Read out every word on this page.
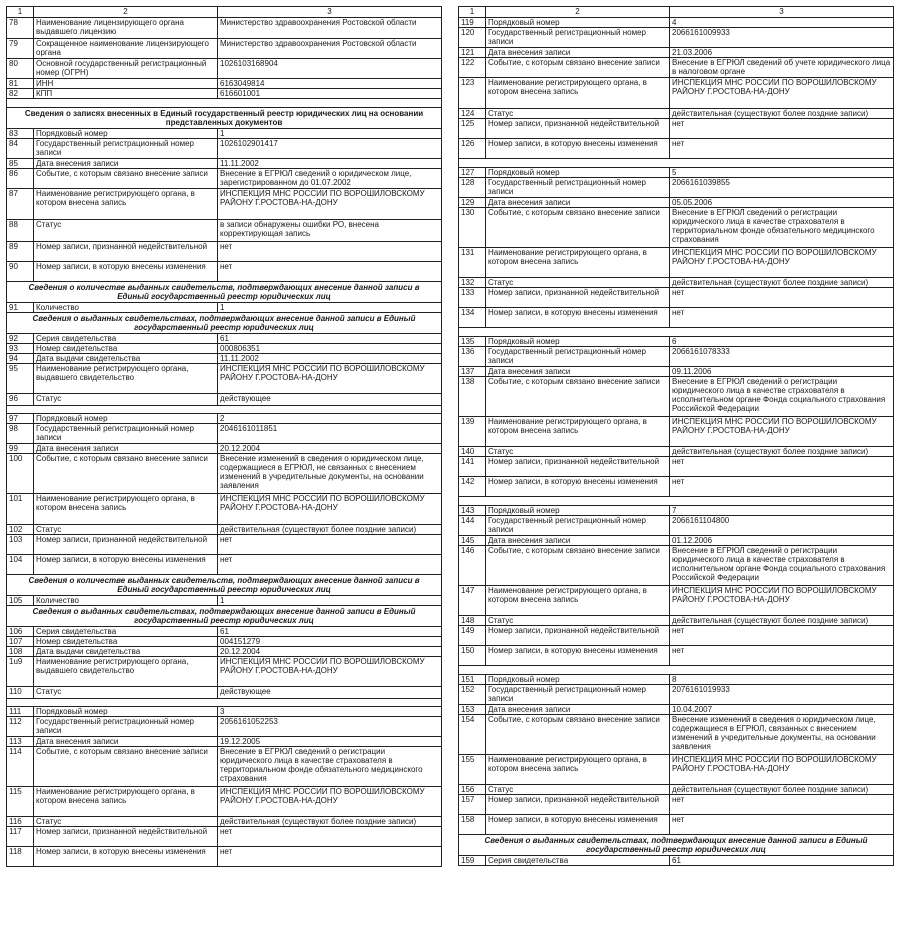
1	2	3
78	Наименование лицензирующего органа выдавшего лицензию	Министерство здравоохранения Ростовской области
79	Сокращенное наименование лицензирующего органа	Министерство здравоохранения Ростовской области
80	Основной государственный регистрационный номер (ОГРН)	1026103168904
81	ИНН	6163049814
82	КПП	616601001

Сведения о записях внесенных в Единый государственный реестр юридических лиц на основании представленных документов		
83	Порядковый номер	1
84	Государственный регистрационный номер записи	1026102901417
85	Дата внесения записи	11.11.2002
86	Событие, с которым связано внесение записи	Внесение в ЕГРЮЛ сведений о юридическом лице, зарегистрированном до 01.07.2002
87	Наименование регистрирующего органа, в котором внесена запись	ИНСПЕКЦИЯ МНС РОССИИ ПО ВОРОШИЛОВСКОМУ РАЙОНУ Г.РОСТОВА-НА-ДОНУ
88	Статус	в записи обнаружены ошибки РО, внесена корректирующая запись
89	Номер записи, признанной недействительной	нет
90	Номер записи, в которую внесены изменения	нет
Сведения о количестве выданных свидетельств, подтверждающих внесение данной записи в Единый государственный реестр юридических лиц		
91	Количество	1
Сведения о выданных свидетельствах, подтверждающих внесение данной записи в Единый государственный реестр юридических лиц		
92	Серия свидетельства	61
93	Номер свидетельства	000806351
94	Дата выдачи свидетельства	11.11.2002
95	Наименование регистрирующего органа, выдавшего свидетельство	ИНСПЕКЦИЯ МНС РОССИИ ПО ВОРОШИЛОВСКОМУ РАЙОНУ Г.РОСТОВА-НА-ДОНУ
96	Статус	действующее

97	Порядковый номер	2
98	Государственный регистрационный номер записи	2046161011851
99	Дата внесения записи	20.12.2004
100	Событие, с которым связано внесение записи	Внесение изменений в сведения о юридическом лице, содержащиеся в ЕГРЮЛ, не связанных с внесением изменений в учредительные документы, на основании заявления
101	Наименование регистрирующего органа, в котором внесена запись	ИНСПЕКЦИЯ МНС РОССИИ ПО ВОРОШИЛОВСКОМУ РАЙОНУ Г.РОСТОВА-НА-ДОНУ
102	Статус	действительная (существуют более поздние записи)
103	Номер записи, признанной недействительной	нет
104	Номер записи, в которую внесены изменения	нет
Сведения о количестве выданных свидетельств, подтверждающих внесение данной записи в Единый государственный реестр юридических лиц		
105	Количество	1
Сведения о выданных свидетельствах, подтверждающих внесение данной записи в Единый государственный реестр юридических лиц		
106	Серия свидетельства	61
107	Номер свидетельства	004151279
108	Дата выдачи свидетельства	20.12.2004
1u9	Наименование регистрирующего органа, выдавшего свидетельство	ИНСПЕКЦИЯ МНС РОССИИ ПО ВОРОШИЛОВСКОМУ РАЙОНУ Г.РОСТОВА-НА-ДОНУ
110	Статус	действующее

111	Порядковый номер	3
112	Государственный регистрационный номер записи	2056161052253
113	Дата внесения записи	19.12.2005
114	Событие, с которым связано внесение записи	Внесение в ЕГРЮЛ сведений о регистрации юридического лица в качестве страхователя в территориальном фонде обязательного медицинского страхования
115	Наименование регистрирующего органа, в котором внесена запись	ИНСПЕКЦИЯ МНС РОССИИ ПО ВОРОШИЛОВСКОМУ РАЙОНУ Г.РОСТОВА-НА-ДОНУ
116	Статус	действительная (существуют более поздние записи)
117	Номер записи, признанной недействительной	нет
118	Номер записи, в которую внесены изменения	нет
1	2	3
119	Порядковый номер	4
120	Государственный регистрационный номер записи	2066161009933
121	Дата внесения записи	21.03.2006
122	Событие, с которым связано внесение записи	Внесение в ЕГРЮЛ сведений об учете юридического лица в налоговом органе
123	Наименование регистрирующего органа, в котором внесена запись	ИНСПЕКЦИЯ МНС РОССИИ ПО ВОРОШИЛОВСКОМУ РАЙОНУ Г.РОСТОВА-НА-ДОНУ
124	Статус	действительная (существуют более поздние записи)
125	Номер записи, признанной недействительной	нет
126	Номер записи, в которую внесены изменения	нет

127	Порядковый номер	5
128	Государственный регистрационный номер записи	2066161039855
129	Дата внесения записи	05.05.2006
130	Событие, с которым связано внесение записи	Внесение в ЕГРЮЛ сведений о регистрации юридического лица в качестве страхователя в территориальном фонде обязательного медицинского страхования
131	Наименование регистрирующего органа, в котором внесена запись	ИНСПЕКЦИЯ МНС РОССИИ ПО ВОРОШИЛОВСКОМУ РАЙОНУ Г.РОСТОВА-НА-ДОНУ
132	Статус	действительная (существуют более поздние записи)
133	Номер записи, признанной недействительной	нет
134	Номер записи, в которую внесены изменения	нет

135	Порядковый номер	6
136	Государственный регистрационный номер записи	2066161078333
137	Дата внесения записи	09.11.2006
138	Событие, с которым связано внесение записи	Внесение в ЕГРЮЛ сведений о регистрации юридического лица в качестве страхователя в исполнительном органе Фонда социального страхования Российской Федерации
139	Наименование регистрирующего органа, в котором внесена запись	ИНСПЕКЦИЯ МНС РОССИИ ПО ВОРОШИЛОВСКОМУ РАЙОНУ Г.РОСТОВА-НА-ДОНУ
140	Статус	действительная (существуют более поздние записи)
141	Номер записи, признанной недействительной	нет
142	Номер записи, в которую внесены изменения	нет

143	Порядковый номер	7
144	Государственный регистрационный номер записи	2066161104800
145	Дата внесения записи	01.12.2006
146	Событие, с которым связано внесение записи	Внесение в ЕГРЮЛ сведений о регистрации юридического лица в качестве страхователя в исполнительном органе Фонда социального страхования Российской Федерации
147	Наименование регистрирующего органа, в котором внесена запись	ИНСПЕКЦИЯ МНС РОССИИ ПО ВОРОШИЛОВСКОМУ РАЙОНУ Г.РОСТОВА-НА-ДОНУ
148	Статус	действительная (существуют более поздние записи)
149	Номер записи, признанной недействительной	нет
150	Номер записи, в которую внесены изменения	нет

151	Порядковый номер	8
152	Государственный регистрационный номер записи	2076161019933
153	Дата внесения записи	10.04.2007
154	Событие, с которым связано внесение записи	Внесение изменений в сведения о юридическом лице, содержащиеся в ЕГРЮЛ, связанных с внесением изменений в учредительные документы, на основании заявления
155	Наименование регистрирующего органа, в котором внесена запись	ИНСПЕКЦИЯ МНС РОССИИ ПО ВОРОШИЛОВСКОМУ РАЙОНУ Г.РОСТОВА-НА-ДОНУ
156	Статус	действительная (существуют более поздние записи)
157	Номер записи, признанной недействительной	нет
158	Номер записи, в которую внесены изменения	нет
Сведения о выданных свидетельствах, подтверждающих внесение данной записи в Единый государственный реестр юридических лиц		
159	Серия свидетельства	61
